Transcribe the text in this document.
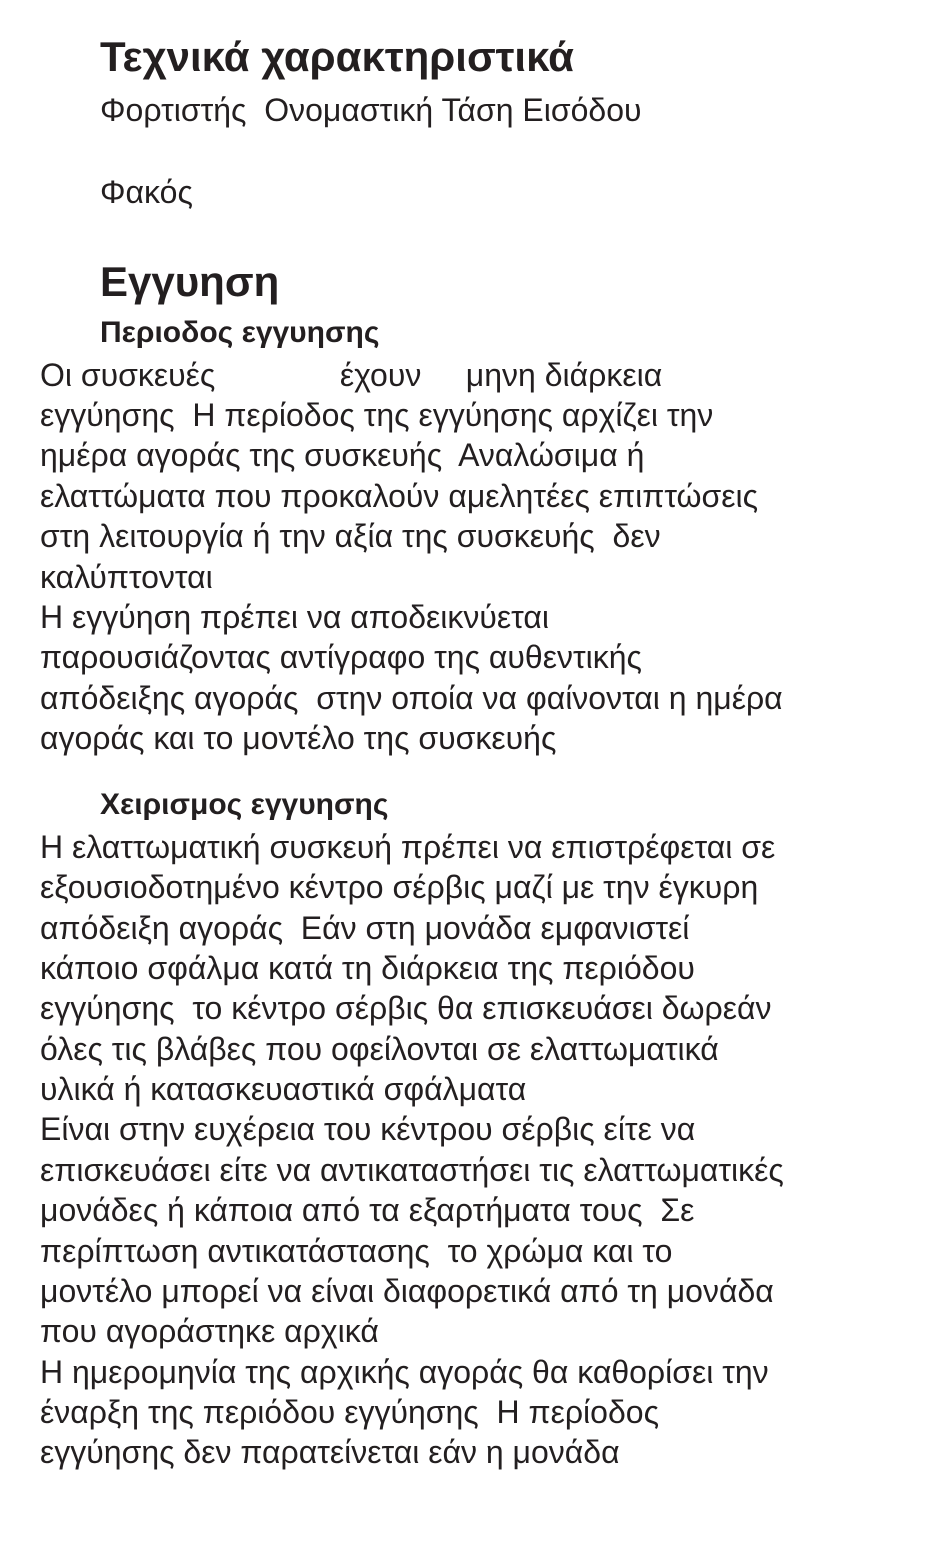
Τεχνικά χαρακτηριστικά
Φορτιστής  Ονομαστική Τάση Εισόδου
Φακός
Εγγυηση
Περιοδος εγγυησης
Οι συσκευές              έχουν     μηνη διάρκεια
εγγύησης  Η περίοδος της εγγύησης αρχίζει την
ημέρα αγοράς της συσκευής  Αναλώσιμα ή
ελαττώματα που προκαλούν αμελητέες επιπτώσεις
στη λειτουργία ή την αξία της συσκευής  δεν
καλύπτονται
Η εγγύηση πρέπει να αποδεικνύεται
παρουσιάζοντας αντίγραφο της αυθεντικής
απόδειξης αγοράς  στην οποία να φαίνονται η ημέρα
αγοράς και το μοντέλο της συσκευής
Χειρισμος εγγυησης
Η ελαττωματική συσκευή πρέπει να επιστρέφεται σε
εξουσιοδοτημένο κέντρο σέρβις μαζί με την έγκυρη
απόδειξη αγοράς  Εάν στη μονάδα εμφανιστεί
κάποιο σφάλμα κατά τη διάρκεια της περιόδου
εγγύησης  το κέντρο σέρβις θα επισκευάσει δωρεάν
όλες τις βλάβες που οφείλονται σε ελαττωματικά
υλικά ή κατασκευαστικά σφάλματα
Είναι στην ευχέρεια του κέντρου σέρβις είτε να
επισκευάσει είτε να αντικαταστήσει τις ελαττωματικές
μονάδες ή κάποια από τα εξαρτήματα τους  Σε
περίπτωση αντικατάστασης  το χρώμα και το
μοντέλο μπορεί να είναι διαφορετικά από τη μονάδα
που αγοράστηκε αρχικά
Η ημερομηνία της αρχικής αγοράς θα καθορίσει την
έναρξη της περιόδου εγγύησης  Η περίοδος
εγγύησης δεν παρατείνεται εάν η μονάδα
